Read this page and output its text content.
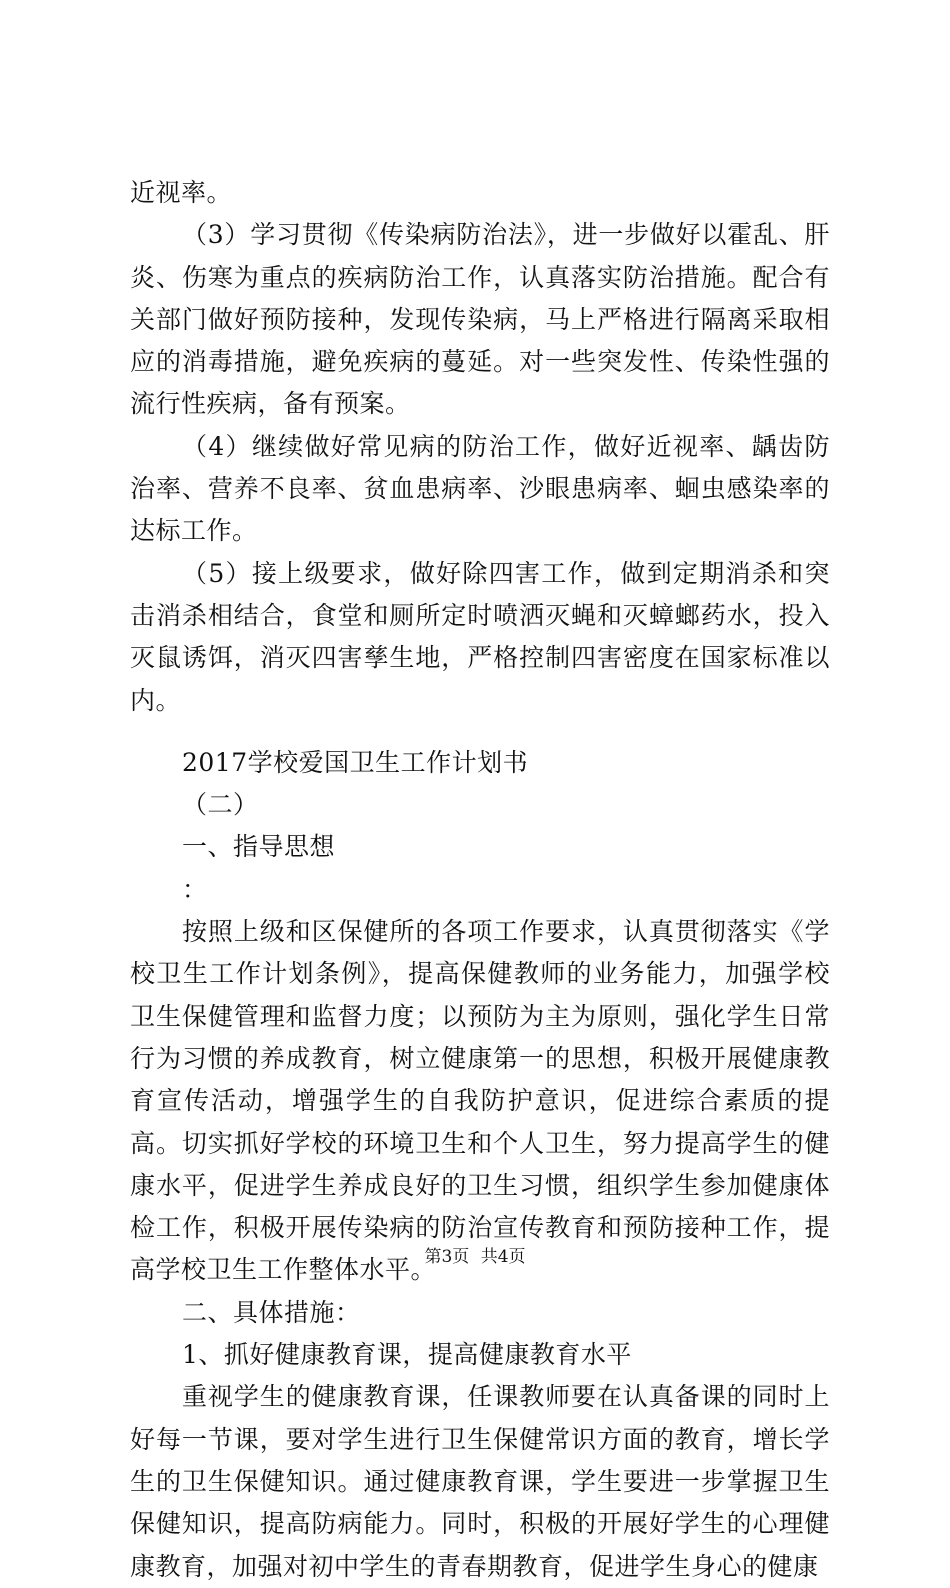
近视率。

（3）学习贯彻《传染病防治法》，进一步做好以霍乱、肝炎、伤寒为重点的疾病防治工作，认真落实防治措施。配合有关部门做好预防接种，发现传染病，马上严格进行隔离采取相应的消毒措施，避免疾病的蔓延。对一些突发性、传染性强的流行性疾病，备有预案。

（4）继续做好常见病的防治工作，做好近视率、龋齿防治率、营养不良率、贫血患病率、沙眼患病率、蛔虫感染率的达标工作。

（5）接上级要求，做好除四害工作，做到定期消杀和突击消杀相结合，食堂和厕所定时喷洒灭蝇和灭蟑螂药水，投入灭鼠诱饵，消灭四害孳生地，严格控制四害密度在国家标准以内。

2017学校爱国卫生工作计划书

（二）

一、指导思想

：

按照上级和区保健所的各项工作要求，认真贯彻落实《学校卫生工作计划条例》，提高保健教师的业务能力，加强学校卫生保健管理和监督力度；以预防为主为原则，强化学生日常行为习惯的养成教育，树立健康第一的思想，积极开展健康教育宣传活动，增强学生的自我防护意识，促进综合素质的提高。切实抓好学校的环境卫生和个人卫生，努力提高学生的健康水平，促进学生养成良好的卫生习惯，组织学生参加健康体检工作，积极开展传染病的防治宣传教育和预防接种工作，提高学校卫生工作整体水平。

二、具体措施：

1、抓好健康教育课，提高健康教育水平

重视学生的健康教育课，任课教师要在认真备课的同时上好每一节课，要对学生进行卫生保健常识方面的教育，增长学生的卫生保健知识。通过健康教育课，学生要进一步掌握卫生保健知识，提高防病能力。同时，积极的开展好学生的心理健康教育，加强对初中学生的青春期教育，促进学生身心的健康

第3页 共4页
